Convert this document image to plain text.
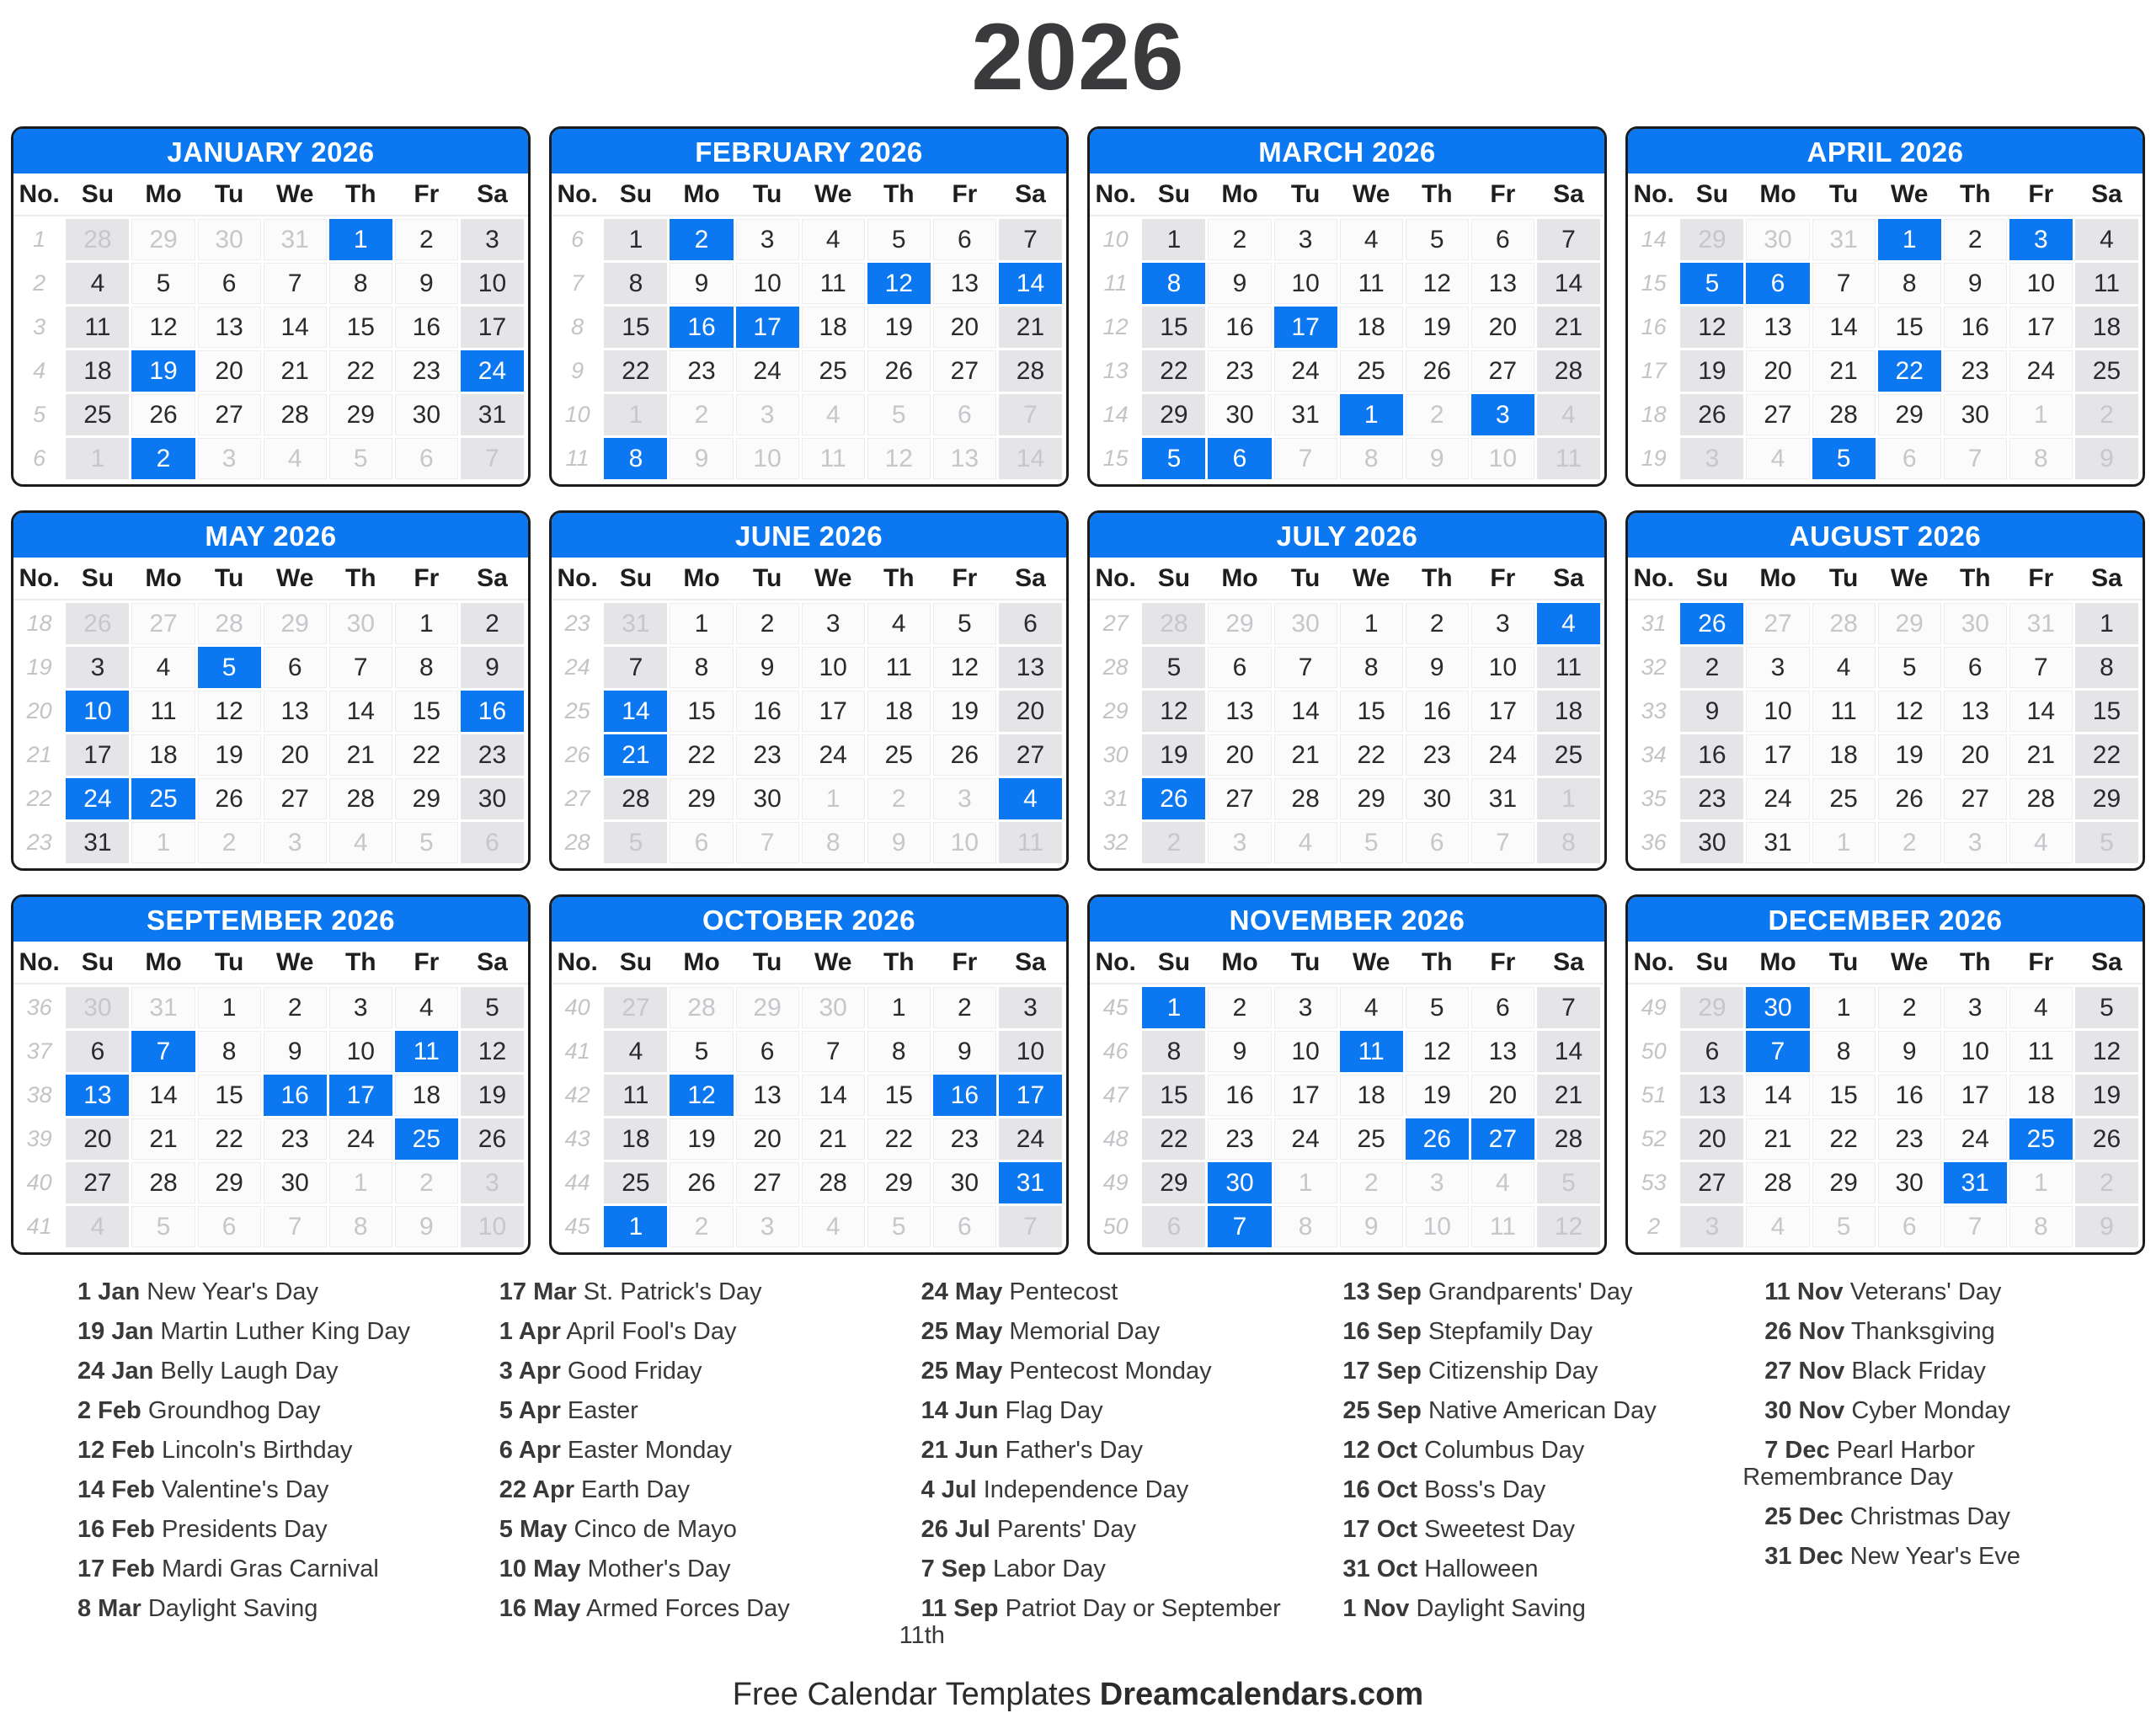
2026
JANUARY 2026
No. Su	Mo	Tu	We	Th	Fr	Sa
1	28	29	30	31	1	2	3
2	4	5	6	7	8	9	10
3	11	12	13	14	15	16	17
4	18	19	20	21	22	23	24
5	25	26	27	28	29	30	31
6	1	2	3	4	5	6	7
FEBRUARY 2026
No. Su	Mo	Tu	We	Th	Fr	Sa
6	1	2	3	4	5	6	7
7	8	9	10	11	12	13	14
8	15	16	17	18	19	20	21
9	22	23	24	25	26	27	28
10	1	2	3	4	5	6	7
11	8	9	10	11	12	13	14
MARCH 2026
No. Su	Mo	Tu	We	Th	Fr	Sa
10	1	2	3	4	5	6	7
11	8	9	10	11	12	13	14
12	15	16	17	18	19	20	21
13	22	23	24	25	26	27	28
14	29	30	31	1	2	3	4
15	5	6	7	8	9	10	11
APRIL 2026
No. Su	Mo	Tu	We	Th	Fr	Sa
14	29	30	31	1	2	3	4
15	5	6	7	8	9	10	11
16	12	13	14	15	16	17	18
17	19	20	21	22	23	24	25
18	26	27	28	29	30	1	2
19	3	4	5	6	7	8	9
MAY 2026
No. Su	Mo	Tu	We	Th	Fr	Sa
18	26	27	28	29	30	1	2
19	3	4	5	6	7	8	9
20	10	11	12	13	14	15	16
21	17	18	19	20	21	22	23
22	24	25	26	27	28	29	30
23	31	1	2	3	4	5	6
JUNE 2026
No. Su	Mo	Tu	We	Th	Fr	Sa
23	31	1	2	3	4	5	6
24	7	8	9	10	11	12	13
25	14	15	16	17	18	19	20
26	21	22	23	24	25	26	27
27	28	29	30	1	2	3	4
28	5	6	7	8	9	10	11
JULY 2026
No. Su	Mo	Tu	We	Th	Fr	Sa
27	28	29	30	1	2	3	4
28	5	6	7	8	9	10	11
29	12	13	14	15	16	17	18
30	19	20	21	22	23	24	25
31	26	27	28	29	30	31	1
32	2	3	4	5	6	7	8
AUGUST 2026
No. Su	Mo	Tu	We	Th	Fr	Sa
31	26	27	28	29	30	31	1
32	2	3	4	5	6	7	8
33	9	10	11	12	13	14	15
34	16	17	18	19	20	21	22
35	23	24	25	26	27	28	29
36	30	31	1	2	3	4	5
SEPTEMBER 2026
No. Su	Mo	Tu	We	Th	Fr	Sa
36	30	31	1	2	3	4	5
37	6	7	8	9	10	11	12
38	13	14	15	16	17	18	19
39	20	21	22	23	24	25	26
40	27	28	29	30	1	2	3
41	4	5	6	7	8	9	10
OCTOBER 2026
No. Su	Mo	Tu	We	Th	Fr	Sa
40	27	28	29	30	1	2	3
41	4	5	6	7	8	9	10
42	11	12	13	14	15	16	17
43	18	19	20	21	22	23	24
44	25	26	27	28	29	30	31
45	1	2	3	4	5	6	7
NOVEMBER 2026
No. Su	Mo	Tu	We	Th	Fr	Sa
45	1	2	3	4	5	6	7
46	8	9	10	11	12	13	14
47	15	16	17	18	19	20	21
48	22	23	24	25	26	27	28
49	29	30	1	2	3	4	5
50	6	7	8	9	10	11	12
DECEMBER 2026
No. Su	Mo	Tu	We	Th	Fr	Sa
49	29	30	1	2	3	4	5
50	6	7	8	9	10	11	12
51	13	14	15	16	17	18	19
52	20	21	22	23	24	25	26
53	27	28	29	30	31	1	2
2	3	4	5	6	7	8	9

1 Jan New Year's Day

19 Jan Martin Luther King Day

24 Jan Belly Laugh Day

2 Feb Groundhog Day

12 Feb Lincoln's Birthday

14 Feb Valentine's Day

16 Feb Presidents Day

17 Feb Mardi Gras Carnival

8 Mar Daylight Saving

17 Mar St. Patrick's Day

1 Apr April Fool's Day

3 Apr Good Friday

5 Apr Easter

6 Apr Easter Monday

22 Apr Earth Day

5 May Cinco de Mayo

10 May Mother's Day

16 May Armed Forces Day

24 May Pentecost

25 May Memorial Day

25 May Pentecost Monday

14 Jun Flag Day

21 Jun Father's Day

4 Jul Independence Day

26 Jul Parents' Day

7 Sep Labor Day

11 Sep Patriot Day or September 11th

13 Sep Grandparents' Day

16 Sep Stepfamily Day

17 Sep Citizenship Day

25 Sep Native American Day

12 Oct Columbus Day

16 Oct Boss's Day

17 Oct Sweetest Day

31 Oct Halloween

1 Nov Daylight Saving

11 Nov Veterans' Day

26 Nov Thanksgiving

27 Nov Black Friday

30 Nov Cyber Monday

7 Dec Pearl Harbor Remembrance Day

25 Dec Christmas Day

31 Dec New Year's Eve

Free Calendar Templates Dreamcalendars.com
